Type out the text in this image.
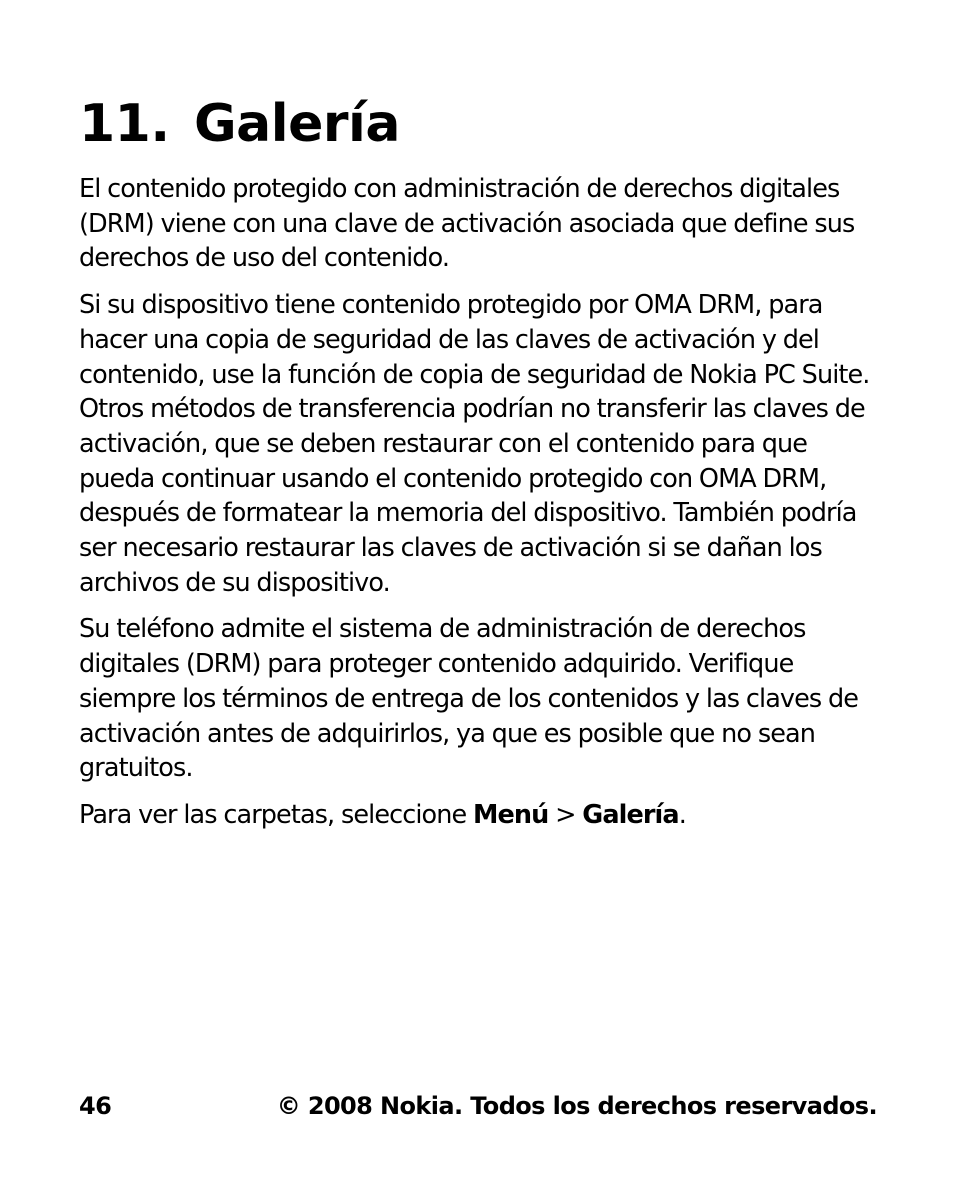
11. Galería

El contenido protegido con administración de derechos digitales (DRM) viene con una clave de activación asociada que define sus derechos de uso del contenido.

Si su dispositivo tiene contenido protegido por OMA DRM, para hacer una copia de seguridad de las claves de activación y del contenido, use la función de copia de seguridad de Nokia PC Suite. Otros métodos de transferencia podrían no transferir las claves de activación, que se deben restaurar con el contenido para que pueda continuar usando el contenido protegido con OMA DRM, después de formatear la memoria del dispositivo. También podría ser necesario restaurar las claves de activación si se dañan los archivos de su dispositivo.

Su teléfono admite el sistema de administración de derechos digitales (DRM) para proteger contenido adquirido. Verifique siempre los términos de entrega de los contenidos y las claves de activación antes de adquirirlos, ya que es posible que no sean gratuitos.

Para ver las carpetas, seleccione Menú > Galería.

46	© 2008 Nokia. Todos los derechos reservados.
